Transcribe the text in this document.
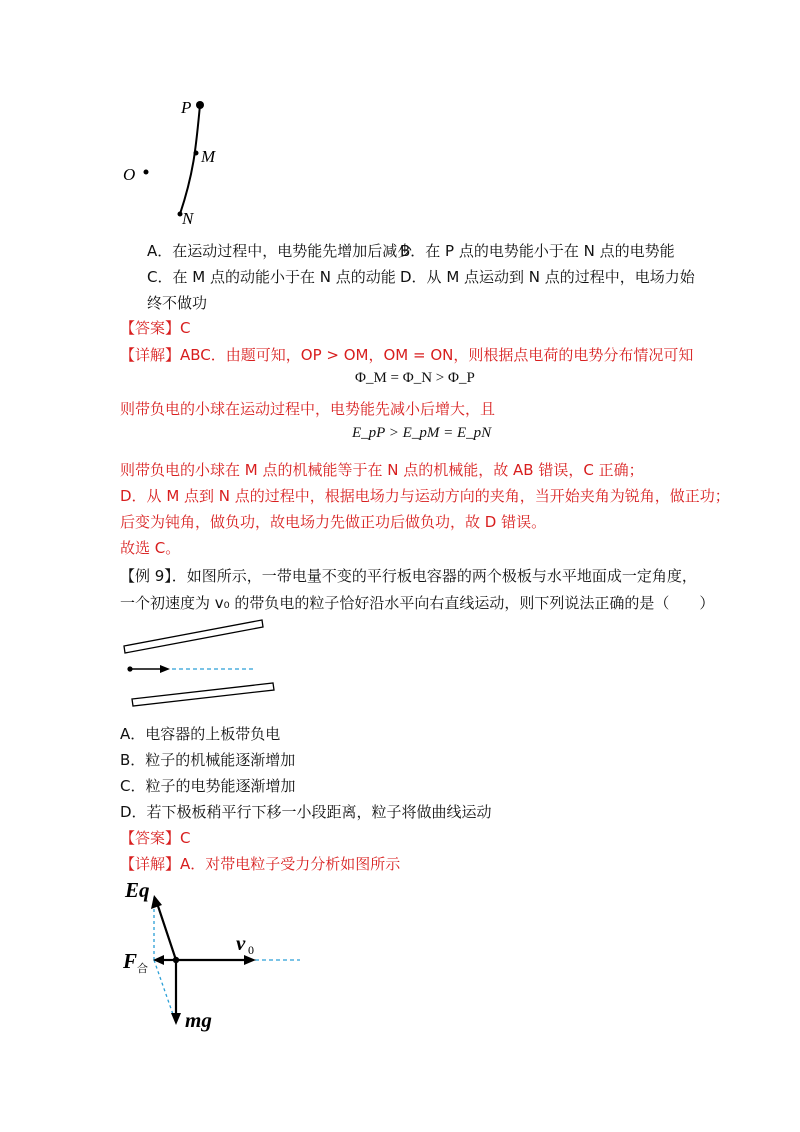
P
M
O
N
A．在运动过程中，电势能先增加后减少
B．在 P 点的电势能小于在 N 点的电势能
C．在 M 点的动能小于在 N 点的动能 D．从 M 点运动到 N 点的过程中，电场力始
终不做功
【答案】C
【详解】ABC．由题可知，OP > OM，OM = ON，则根据点电荷的电势分布情况可知
Φ_M = Φ_N > Φ_P
则带负电的小球在运动过程中，电势能先减小后增大，且
E_pP > E_pM = E_pN
则带负电的小球在 M 点的机械能等于在 N 点的机械能，故 AB 错误，C 正确；
D．从 M 点到 N 点的过程中，根据电场力与运动方向的夹角，当开始夹角为锐角，做正功；
后变为钝角，做负功，故电场力先做正功后做负功，故 D 错误。
故选 C。
【例 9】．如图所示，一带电量不变的平行板电容器的两个极板与水平地面成一定角度，
一个初速度为 v₀ 的带负电的粒子恰好沿水平向右直线运动，则下列说法正确的是（　　）
A．电容器的上板带负电
B．粒子的机械能逐渐增加
C．粒子的电势能逐渐增加
D．若下极板稍平行下移一小段距离，粒子将做曲线运动
【答案】C
【详解】A．对带电粒子受力分析如图所示
Eq
v 0
F 合
mg
